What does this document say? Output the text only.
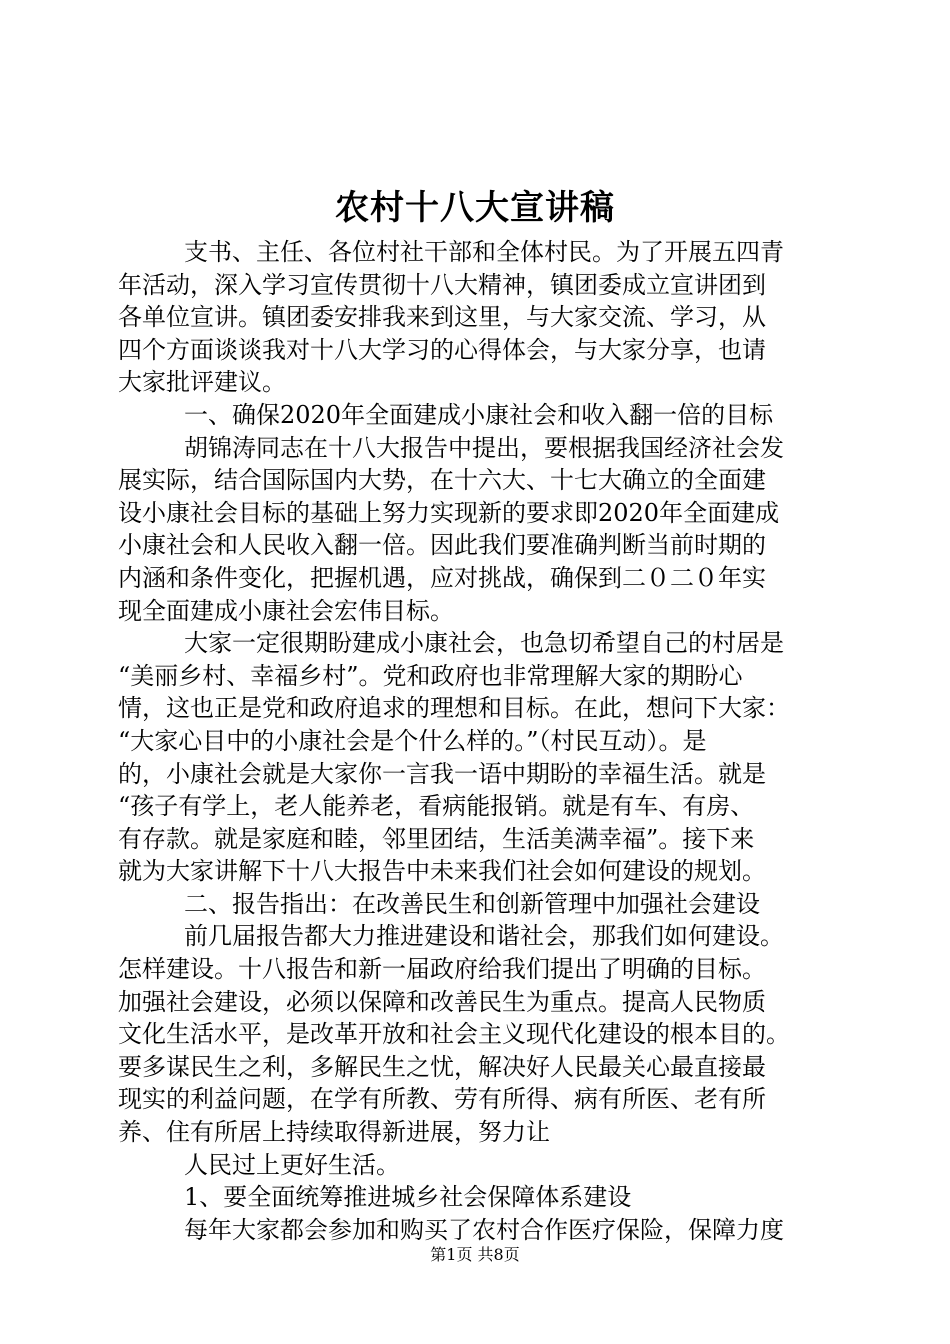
农村十八大宣讲稿
支书、主任、各位村社干部和全体村民。为了开展五四青
年活动，深入学习宣传贯彻十八大精神，镇团委成立宣讲团到
各单位宣讲。镇团委安排我来到这里，与大家交流、学习，从
四个方面谈谈我对十八大学习的心得体会，与大家分享，也请
大家批评建议。
一、确保2020年全面建成小康社会和收入翻一倍的目标
胡锦涛同志在十八大报告中提出，要根据我国经济社会发
展实际，结合国际国内大势，在十六大、十七大确立的全面建
设小康社会目标的基础上努力实现新的要求即2020年全面建成
小康社会和人民收入翻一倍。因此我们要准确判断当前时期的
内涵和条件变化，把握机遇，应对挑战，确保到二０二０年实
现全面建成小康社会宏伟目标。
大家一定很期盼建成小康社会，也急切希望自己的村居是
“美丽乡村、幸福乡村”。党和政府也非常理解大家的期盼心
情，这也正是党和政府追求的理想和目标。在此，想问下大家：
“大家心目中的小康社会是个什么样的。”（村民互动）。是
的，小康社会就是大家你一言我一语中期盼的幸福生活。就是
“孩子有学上，老人能养老，看病能报销。就是有车、有房、
有存款。就是家庭和睦，邻里团结，生活美满幸福”。接下来
就为大家讲解下十八大报告中未来我们社会如何建设的规划。
二、报告指出：在改善民生和创新管理中加强社会建设
前几届报告都大力推进建设和谐社会，那我们如何建设。
怎样建设。十八报告和新一届政府给我们提出了明确的目标。
加强社会建设，必须以保障和改善民生为重点。提高人民物质
文化生活水平，是改革开放和社会主义现代化建设的根本目的。
要多谋民生之利，多解民生之忧，解决好人民最关心最直接最
现实的利益问题，在学有所教、劳有所得、病有所医、老有所
养、住有所居上持续取得新进展，努力让
人民过上更好生活。
1、要全面统筹推进城乡社会保障体系建设
每年大家都会参加和购买了农村合作医疗保险，保障力度
第1页 共8页
